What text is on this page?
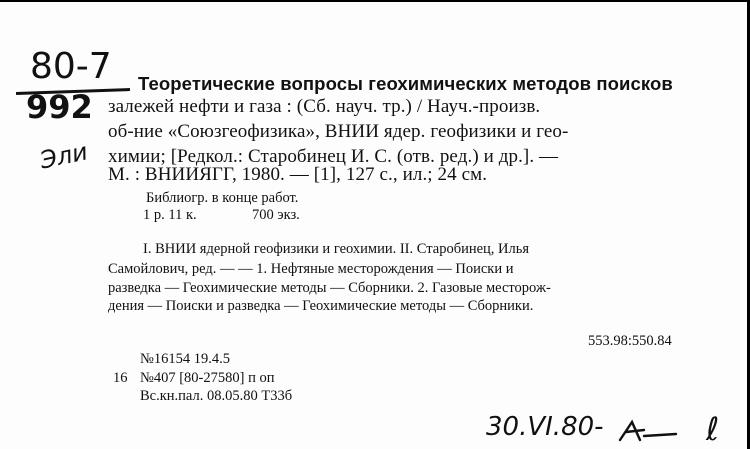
80-7
992
Эли
Теоретические вопросы геохимических методов поисков
залежей нефти и газа : (Сб. науч. тр.) / Науч.-произв.
об-ние «Союзгеофизика», ВНИИ ядер. геофизики и гео-
химии; [Редкол.: Старобинец И. С. (отв. ред.) и др.]. —
М. : ВНИИЯГГ, 1980. — [1], 127 с., ил.; 24 см.
Библиогр. в конце работ.
1 р. 11 к.	700 экз.
I. ВНИИ ядерной геофизики и геохимии. II. Старобинец, Илья
Самойлович, ред. — — 1. Нефтяные месторождения — Поиски и
разведка — Геохимические методы — Сборники. 2. Газовые месторож-
дения — Поиски и разведка — Геохимические методы — Сборники.
553.98:550.84
№16154 19.4.5
16 №407 [80-27580] п оп
Вс.кн.пал. 08.05.80 Т33б
30.VI.80-	ℓ
